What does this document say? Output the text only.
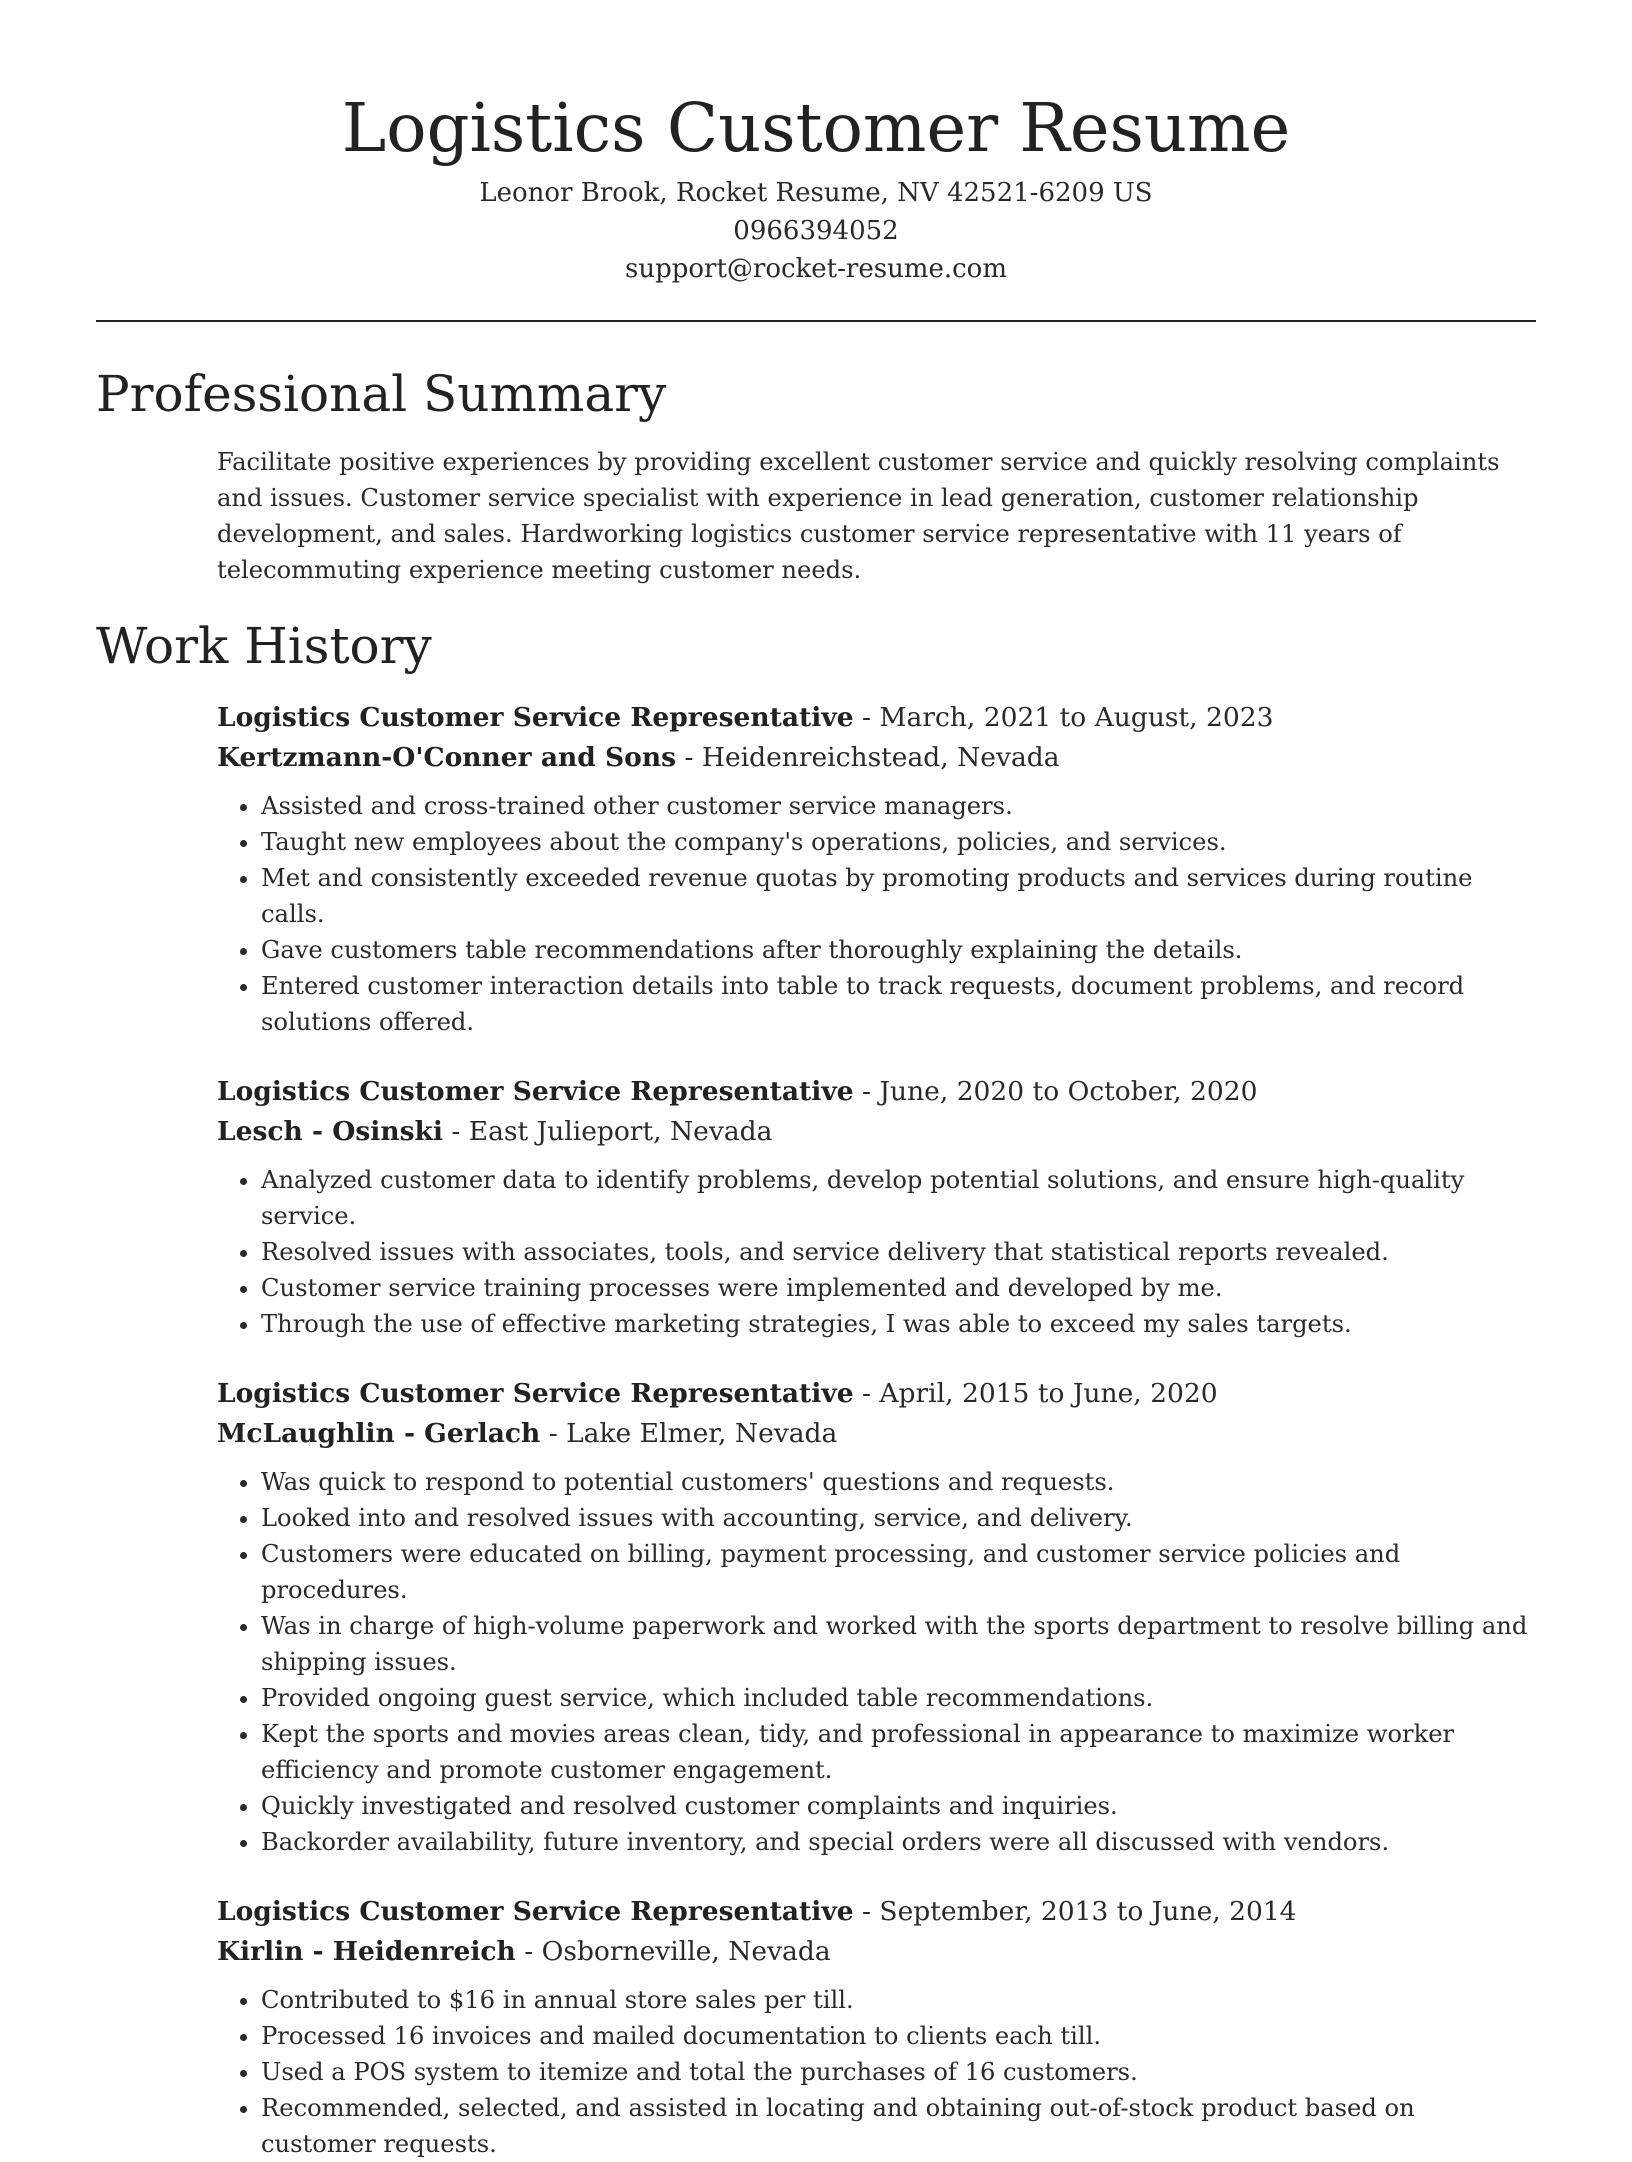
Logistics Customer Resume
Leonor Brook, Rocket Resume, NV 42521-6209 US
0966394052
support@rocket-resume.com
Professional Summary
Facilitate positive experiences by providing excellent customer service and quickly resolving complaints and issues. Customer service specialist with experience in lead generation, customer relationship development, and sales. Hardworking logistics customer service representative with 11 years of telecommuting experience meeting customer needs.
Work History
Logistics Customer Service Representative - March, 2021 to August, 2023
Kertzmann-O'Conner and Sons - Heidenreichstead, Nevada
• Assisted and cross-trained other customer service managers.
• Taught new employees about the company's operations, policies, and services.
• Met and consistently exceeded revenue quotas by promoting products and services during routine calls.
• Gave customers table recommendations after thoroughly explaining the details.
• Entered customer interaction details into table to track requests, document problems, and record solutions offered.
Logistics Customer Service Representative - June, 2020 to October, 2020
Lesch - Osinski - East Julieport, Nevada
• Analyzed customer data to identify problems, develop potential solutions, and ensure high-quality service.
• Resolved issues with associates, tools, and service delivery that statistical reports revealed.
• Customer service training processes were implemented and developed by me.
• Through the use of effective marketing strategies, I was able to exceed my sales targets.
Logistics Customer Service Representative - April, 2015 to June, 2020
McLaughlin - Gerlach - Lake Elmer, Nevada
• Was quick to respond to potential customers' questions and requests.
• Looked into and resolved issues with accounting, service, and delivery.
• Customers were educated on billing, payment processing, and customer service policies and procedures.
• Was in charge of high-volume paperwork and worked with the sports department to resolve billing and shipping issues.
• Provided ongoing guest service, which included table recommendations.
• Kept the sports and movies areas clean, tidy, and professional in appearance to maximize worker efficiency and promote customer engagement.
• Quickly investigated and resolved customer complaints and inquiries.
• Backorder availability, future inventory, and special orders were all discussed with vendors.
Logistics Customer Service Representative - September, 2013 to June, 2014
Kirlin - Heidenreich - Osborneville, Nevada
• Contributed to $16 in annual store sales per till.
• Processed 16 invoices and mailed documentation to clients each till.
• Used a POS system to itemize and total the purchases of 16 customers.
• Recommended, selected, and assisted in locating and obtaining out-of-stock product based on customer requests.
